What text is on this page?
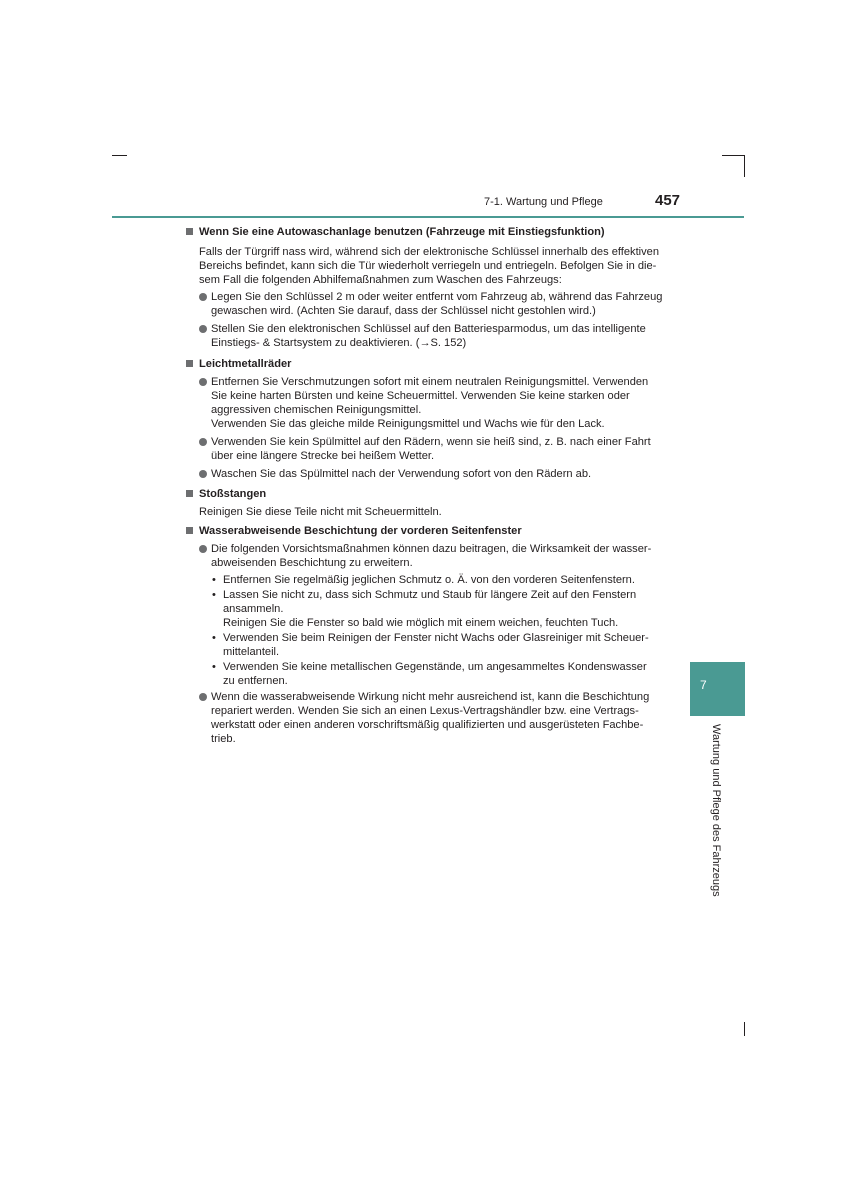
7-1. Wartung und Pflege	457
Wenn Sie eine Autowaschanlage benutzen (Fahrzeuge mit Einstiegsfunktion)
Falls der Türgriff nass wird, während sich der elektronische Schlüssel innerhalb des effektiven
Bereichs befindet, kann sich die Tür wiederholt verriegeln und entriegeln. Befolgen Sie in die-
sem Fall die folgenden Abhilfemaßnahmen zum Waschen des Fahrzeugs:
Legen Sie den Schlüssel 2 m oder weiter entfernt vom Fahrzeug ab, während das Fahrzeug
gewaschen wird. (Achten Sie darauf, dass der Schlüssel nicht gestohlen wird.)
Stellen Sie den elektronischen Schlüssel auf den Batteriesparmodus, um das intelligente
Einstiegs- & Startsystem zu deaktivieren. (→S. 152)
Leichtmetallräder
Entfernen Sie Verschmutzungen sofort mit einem neutralen Reinigungsmittel. Verwenden
Sie keine harten Bürsten und keine Scheuermittel. Verwenden Sie keine starken oder
aggressiven chemischen Reinigungsmittel.
Verwenden Sie das gleiche milde Reinigungsmittel und Wachs wie für den Lack.
Verwenden Sie kein Spülmittel auf den Rädern, wenn sie heiß sind, z. B. nach einer Fahrt
über eine längere Strecke bei heißem Wetter.
Waschen Sie das Spülmittel nach der Verwendung sofort von den Rädern ab.
Stoßstangen
Reinigen Sie diese Teile nicht mit Scheuermitteln.
Wasserabweisende Beschichtung der vorderen Seitenfenster
Die folgenden Vorsichtsmaßnahmen können dazu beitragen, die Wirksamkeit der wasser-
abweisenden Beschichtung zu erweitern.
• Entfernen Sie regelmäßig jeglichen Schmutz o. Ä. von den vorderen Seitenfenstern.
• Lassen Sie nicht zu, dass sich Schmutz und Staub für längere Zeit auf den Fenstern
ansammeln.
Reinigen Sie die Fenster so bald wie möglich mit einem weichen, feuchten Tuch.
• Verwenden Sie beim Reinigen der Fenster nicht Wachs oder Glasreiniger mit Scheuer-
mittelanteil.
• Verwenden Sie keine metallischen Gegenstände, um angesammeltes Kondenswasser
zu entfernen.
Wenn die wasserabweisende Wirkung nicht mehr ausreichend ist, kann die Beschichtung
repariert werden. Wenden Sie sich an einen Lexus-Vertragshändler bzw. eine Vertrags-
werkstatt oder einen anderen vorschriftsmäßig qualifizierten und ausgerüsteten Fachbe-
trieb.
7
Wartung und Pflege des Fahrzeugs
